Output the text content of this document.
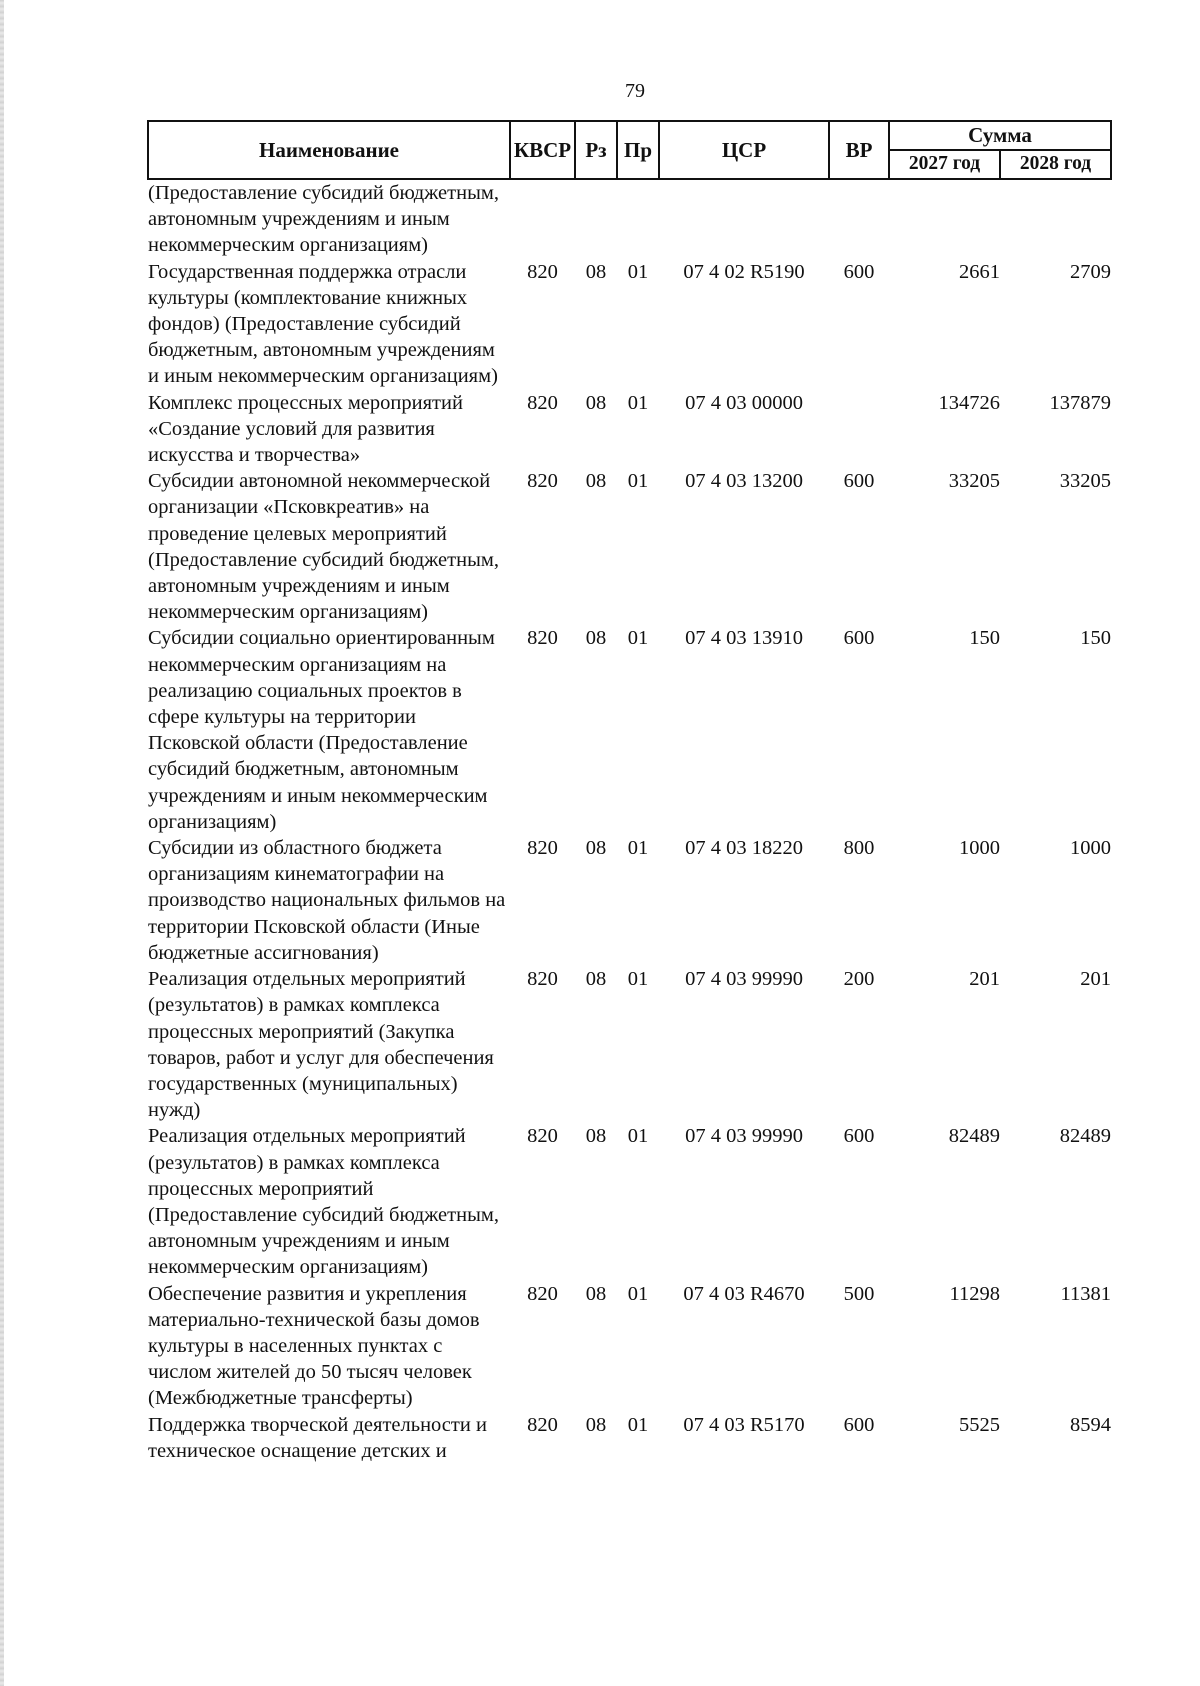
79
Наименование	КВСР	Рз	Пр	ЦСР	ВР	Сумма	
						2027 год	2028 год
(Предоставление субсидий бюджетным, автономным учреждениям и иным некоммерческим организациям)							
Государственная поддержка отрасли культуры (комплектование книжных фондов) (Предоставление субсидий бюджетным, автономным учреждениям и иным некоммерческим организациям)	820	08	01	07 4 02 R5190	600	2661	2709
Комплекс процессных мероприятий «Создание условий для развития искусства и творчества»	820	08	01	07 4 03 00000		134726	137879
Субсидии автономной некоммерческой организации «Псковкреатив» на проведение целевых мероприятий (Предоставление субсидий бюджетным, автономным учреждениям и иным некоммерческим организациям)	820	08	01	07 4 03 13200	600	33205	33205
Субсидии социально ориентированным некоммерческим организациям на реализацию социальных проектов в сфере культуры на территории Псковской области (Предоставление субсидий бюджетным, автономным учреждениям и иным некоммерческим организациям)	820	08	01	07 4 03 13910	600	150	150
Субсидии из областного бюджета организациям кинематографии на производство национальных фильмов на территории Псковской области (Иные бюджетные ассигнования)	820	08	01	07 4 03 18220	800	1000	1000
Реализация отдельных мероприятий (результатов) в рамках комплекса процессных мероприятий (Закупка товаров, работ и услуг для обеспечения государственных (муниципальных) нужд)	820	08	01	07 4 03 99990	200	201	201
Реализация отдельных мероприятий (результатов) в рамках комплекса процессных мероприятий (Предоставление субсидий бюджетным, автономным учреждениям и иным некоммерческим организациям)	820	08	01	07 4 03 99990	600	82489	82489
Обеспечение развития и укрепления материально-технической базы домов культуры в населенных пунктах с числом жителей до 50 тысяч человек (Межбюджетные трансферты)	820	08	01	07 4 03 R4670	500	11298	11381
Поддержка творческой деятельности и техническое оснащение детских и	820	08	01	07 4 03 R5170	600	5525	8594
